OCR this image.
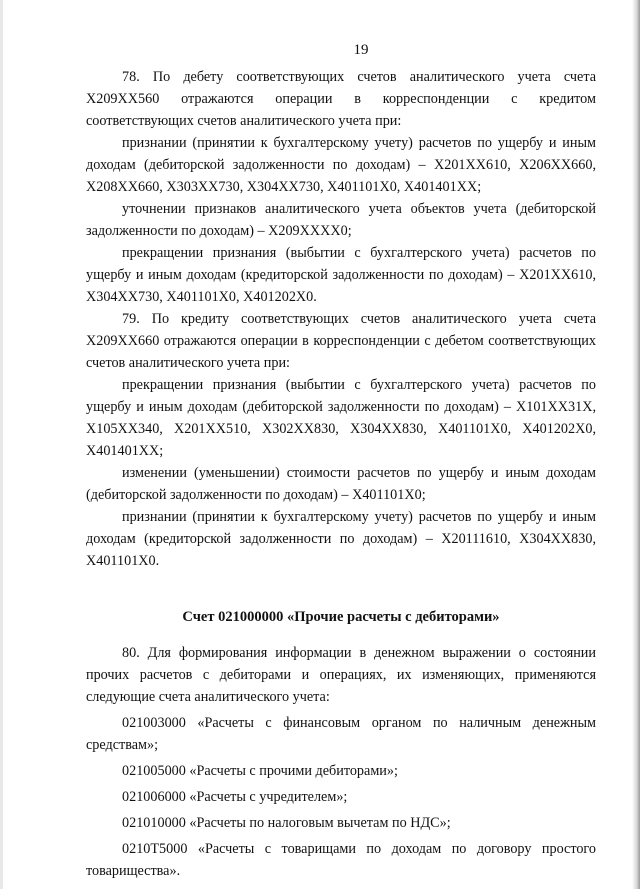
19

78. По дебету соответствующих счетов аналитического учета счета Х209ХХ560 отражаются операции в корреспонденции с кредитом соответствующих счетов аналитического учета при:

признании (принятии к бухгалтерскому учету) расчетов по ущербу и иным доходам (дебиторской задолженности по доходам) – Х201ХХ610, Х206ХХ660, Х208ХХ660, Х303ХХ730, Х304ХХ730, Х401101Х0, Х401401ХХ;

уточнении признаков аналитического учета объектов учета (дебиторской задолженности по доходам) – Х209ХХХХ0;

прекращении признания (выбытии с бухгалтерского учета) расчетов по ущербу и иным доходам (кредиторской задолженности по доходам) – Х201ХХ610, Х304ХХ730, Х401101Х0, Х401202Х0.

79. По кредиту соответствующих счетов аналитического учета счета Х209ХХ660 отражаются операции в корреспонденции с дебетом соответствующих счетов аналитического учета при:

прекращении признания (выбытии с бухгалтерского учета) расчетов по ущербу и иным доходам (дебиторской задолженности по доходам) – Х101ХХ31Х, Х105ХХ340, Х201ХХ510, Х302ХХ830, Х304ХХ830, Х401101Х0, Х401202Х0, Х401401ХХ;

изменении (уменьшении) стоимости расчетов по ущербу и иным доходам (дебиторской задолженности по доходам) – Х401101Х0;

признании (принятии к бухгалтерскому учету) расчетов по ущербу и иным доходам (кредиторской задолженности по доходам) – Х20111610, Х304ХХ830, Х401101Х0.

Счет 021000000 «Прочие расчеты с дебиторами»

80. Для формирования информации в денежном выражении о состоянии прочих расчетов с дебиторами и операциях, их изменяющих, применяются следующие счета аналитического учета:

021003000 «Расчеты с финансовым органом по наличным денежным средствам»;

021005000 «Расчеты с прочими дебиторами»;

021006000 «Расчеты с учредителем»;

021010000 «Расчеты по налоговым вычетам по НДС»;

0210Т5000 «Расчеты с товарищами по доходам по договору простого товарищества».
